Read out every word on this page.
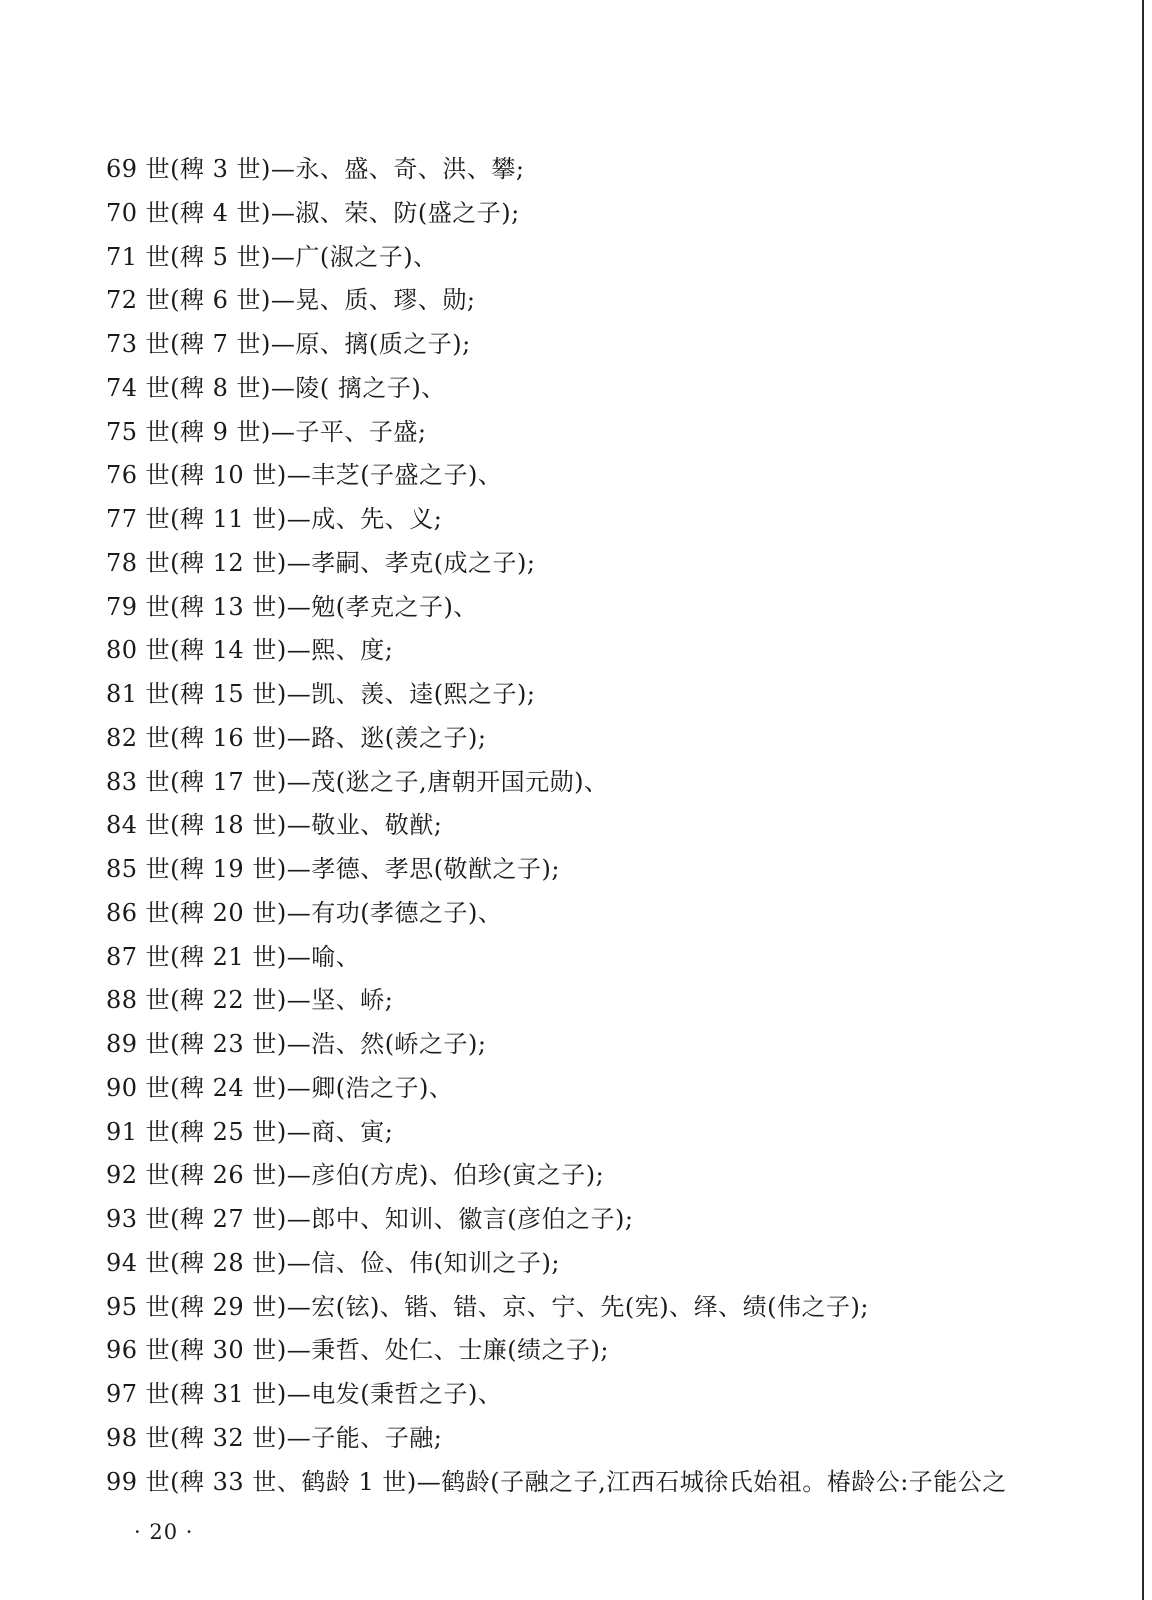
69 世(稗 3 世)—永、盛、奇、洪、攀;
70 世(稗 4 世)—淑、荣、防(盛之子);
71 世(稗 5 世)—广(淑之子)、
72 世(稗 6 世)—晃、质、璆、勋;
73 世(稗 7 世)—原、摛(质之子);
74 世(稗 8 世)—陵( 摛之子)、
75 世(稗 9 世)—子平、子盛;
76 世(稗 10 世)—丰芝(子盛之子)、
77 世(稗 11 世)—成、先、义;
78 世(稗 12 世)—孝嗣、孝克(成之子);
79 世(稗 13 世)—勉(孝克之子)、
80 世(稗 14 世)—熙、度;
81 世(稗 15 世)—凯、羡、逵(熙之子);
82 世(稗 16 世)—路、逖(羡之子);
83 世(稗 17 世)—茂(逖之子,唐朝开国元勋)、
84 世(稗 18 世)—敬业、敬猷;
85 世(稗 19 世)—孝德、孝思(敬猷之子);
86 世(稗 20 世)—有功(孝德之子)、
87 世(稗 21 世)—喻、
88 世(稗 22 世)—坚、峤;
89 世(稗 23 世)—浩、然(峤之子);
90 世(稗 24 世)—卿(浩之子)、
91 世(稗 25 世)—商、寅;
92 世(稗 26 世)—彦伯(方虎)、伯珍(寅之子);
93 世(稗 27 世)—郎中、知训、徽言(彦伯之子);
94 世(稗 28 世)—信、俭、伟(知训之子);
95 世(稗 29 世)—宏(铉)、锴、错、京、宁、先(宪)、绎、绩(伟之子);
96 世(稗 30 世)—秉哲、处仁、士廉(绩之子);
97 世(稗 31 世)—电发(秉哲之子)、
98 世(稗 32 世)—子能、子融;
99 世(稗 33 世、鹤龄 1 世)—鹤龄(子融之子,江西石城徐氏始祖。椿龄公:子能公之
· 20 ·
